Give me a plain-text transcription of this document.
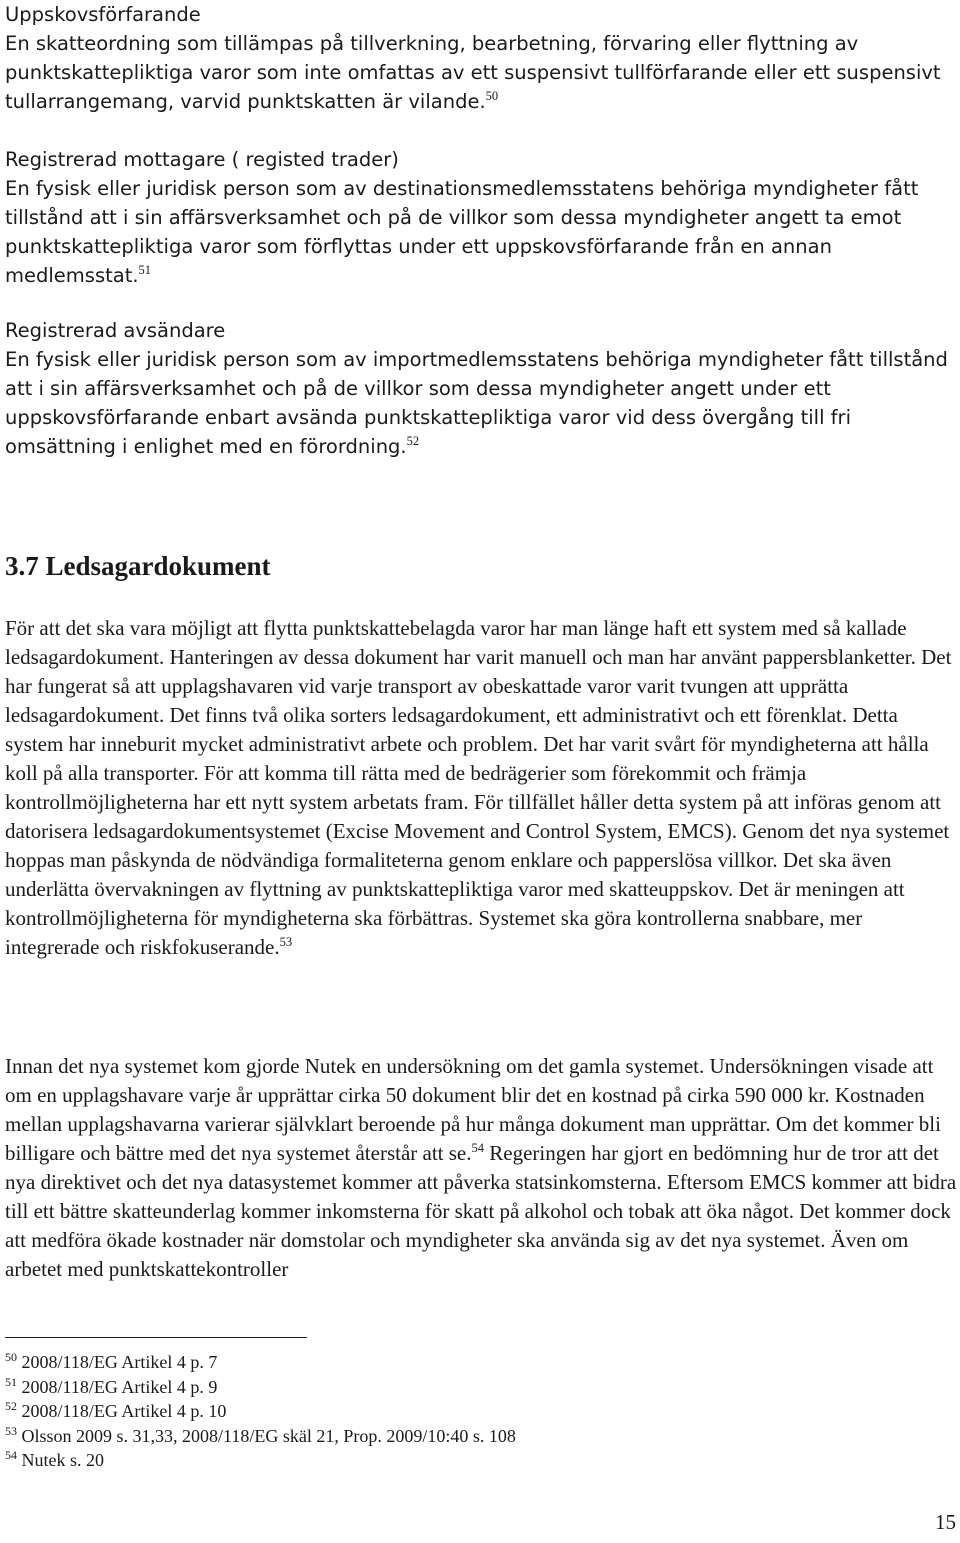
Uppskovsförfarande

En skatteordning som tillämpas på tillverkning, bearbetning, förvaring eller flyttning av punktskattepliktiga varor som inte omfattas av ett suspensivt tullförfarande eller ett suspensivt tullarrangemang, varvid punktskatten är vilande.$^{50}$

Registrerad mottagare ( registed trader)

En fysisk eller juridisk person som av destinationsmedlemsstatens behöriga myndigheter fått tillstånd att i sin affärsverksamhet och på de villkor som dessa myndigheter angett ta emot punktskattepliktiga varor som förflyttas under ett uppskovsförfarande från en annan medlemsstat.$^{51}$

Registrerad avsändare

En fysisk eller juridisk person som av importmedlemsstatens behöriga myndigheter fått tillstånd att i sin affärsverksamhet och på de villkor som dessa myndigheter angett under ett uppskovsförfarande enbart avsända punktskattepliktiga varor vid dess övergång till fri omsättning i enlighet med en förordning.$^{52}$

3.7 Ledsagardokument

För att det ska vara möjligt att flytta punktskattebelagda varor har man länge haft ett system med så kallade ledsagardokument. Hanteringen av dessa dokument har varit manuell och man har använt pappersblanketter. Det har fungerat så att upplagshavaren vid varje transport av obeskattade varor varit tvungen att upprätta ledsagardokument. Det finns två olika sorters ledsagardokument, ett administrativt och ett förenklat. Detta system har inneburit mycket administrativt arbete och problem. Det har varit svårt för myndigheterna att hålla koll på alla transporter. För att komma till rätta med de bedrägerier som förekommit och främja kontrollmöjligheterna har ett nytt system arbetats fram. För tillfället håller detta system på att införas genom att datorisera ledsagardokumentsystemet (Excise Movement and Control System, EMCS). Genom det nya systemet hoppas man påskynda de nödvändiga formaliteterna genom enklare och papperslösa villkor. Det ska även underlätta övervakningen av flyttning av punktskattepliktiga varor med skatteuppskov. Det är meningen att kontrollmöjligheterna för myndigheterna ska förbättras. Systemet ska göra kontrollerna snabbare, mer integrerade och riskfokuserande.$^{53}$

Innan det nya systemet kom gjorde Nutek en undersökning om det gamla systemet. Undersökningen visade att om en upplagshavare varje år upprättar cirka 50 dokument blir det en kostnad på cirka 590 000 kr. Kostnaden mellan upplagshavarna varierar självklart beroende på hur många dokument man upprättar. Om det kommer bli billigare och bättre med det nya systemet återstår att se.$^{54}$ Regeringen har gjort en bedömning hur de tror att det nya direktivet och det nya datasystemet kommer att påverka statsinkomsterna. Eftersom EMCS kommer att bidra till ett bättre skatteunderlag kommer inkomsterna för skatt på alkohol och tobak att öka något. Det kommer dock att medföra ökade kostnader när domstolar och myndigheter ska använda sig av det nya systemet. Även om arbetet med punktskattekontroller

$^{50}$ 2008/118/EG Artikel 4 p. 7
$^{51}$ 2008/118/EG Artikel 4 p. 9
$^{52}$ 2008/118/EG Artikel 4 p. 10
$^{53}$ Olsson 2009 s. 31,33, 2008/118/EG skäl 21, Prop. 2009/10:40 s. 108
$^{54}$ Nutek s. 20
15
